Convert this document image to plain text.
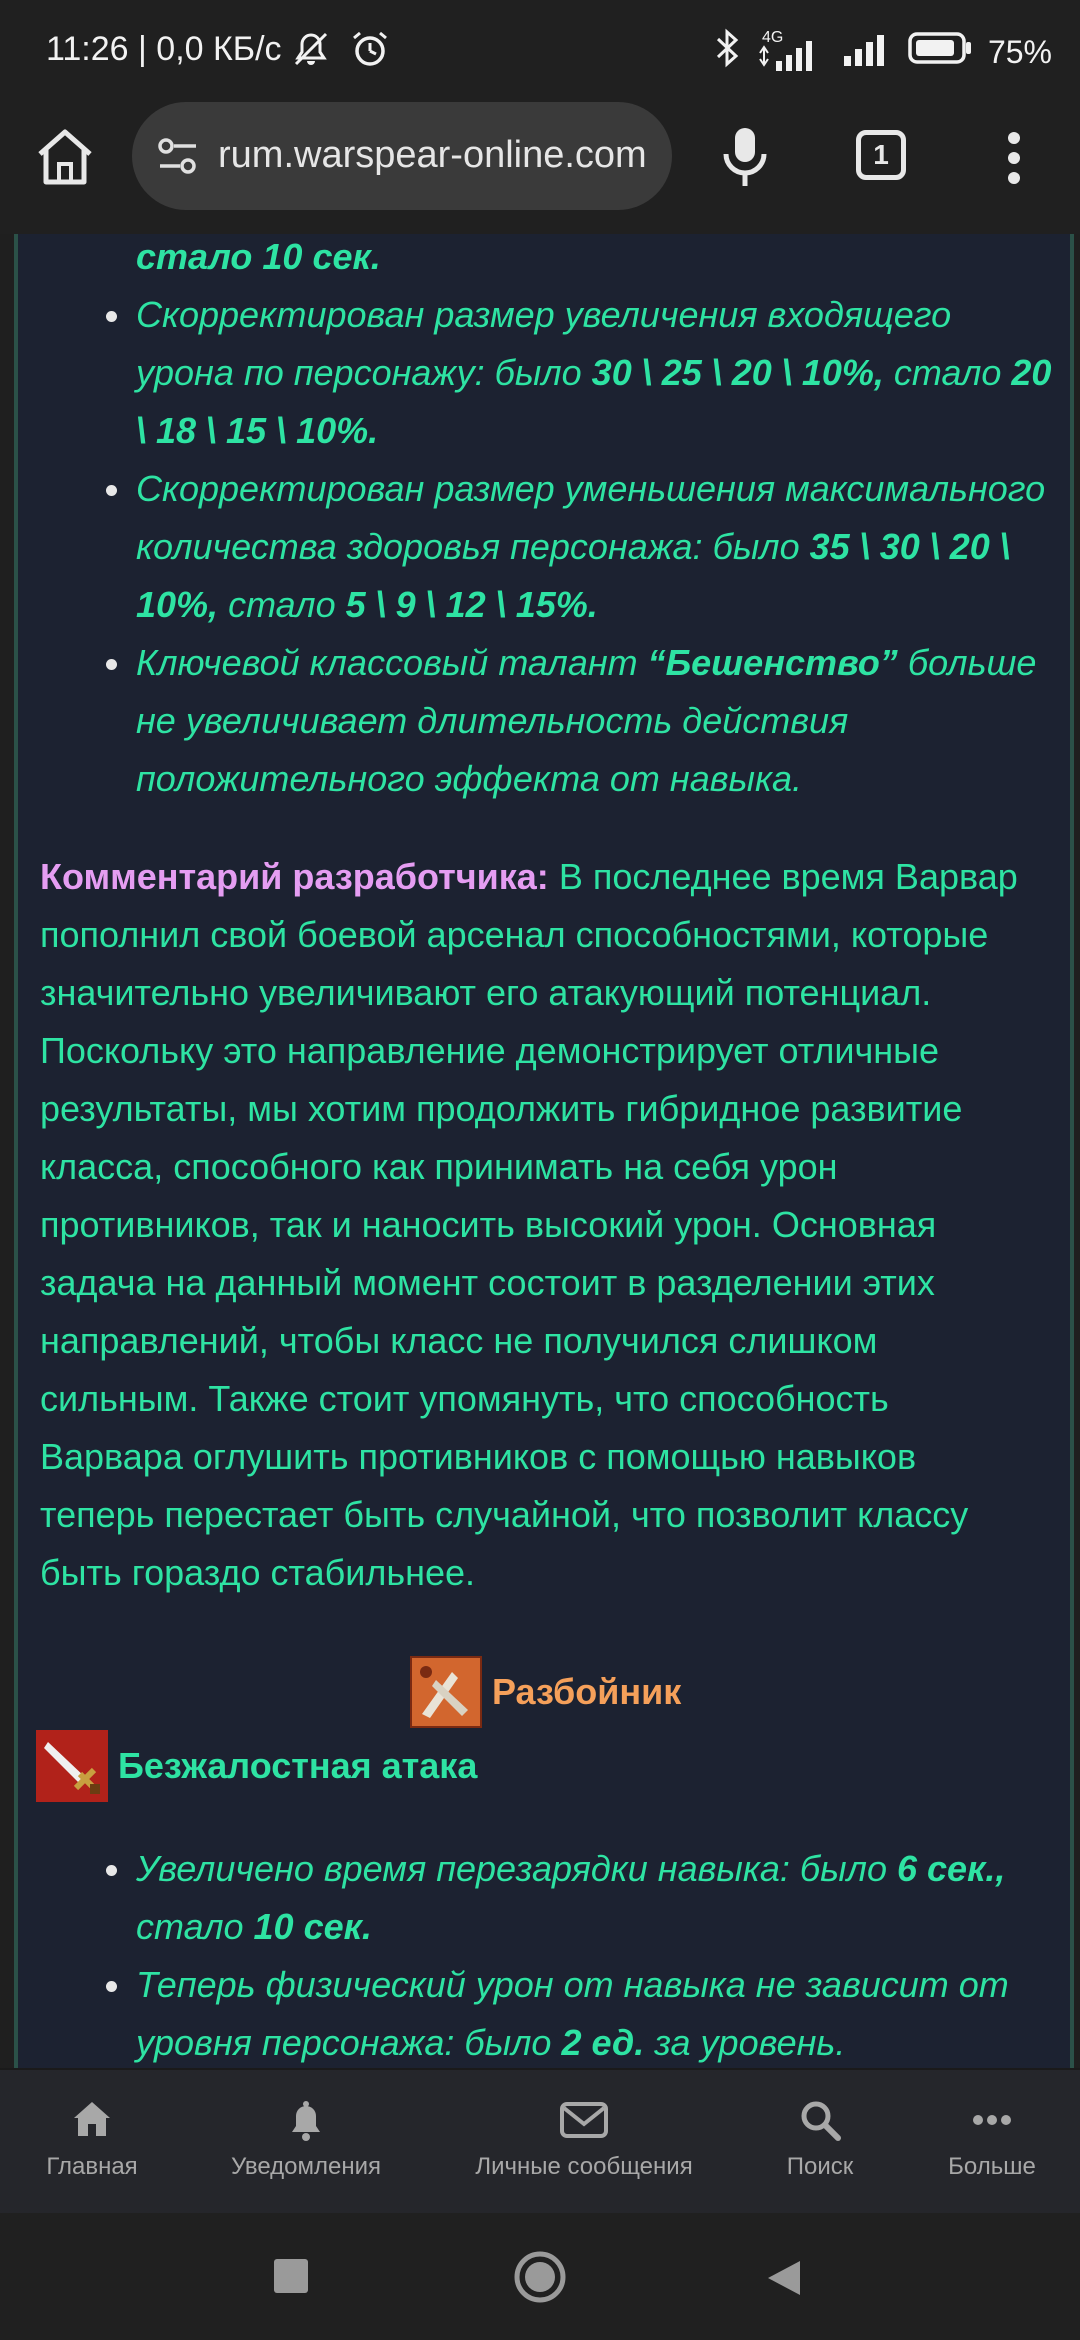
11:26 | 0,0 КБ/с	4G	75%
rum.warspear-online.com	1
стало 10 сек.
Скорректирован размер увеличения входящего урона по персонажу: было 30 \ 25 \ 20 \ 10%, стало 20 \ 18 \ 15 \ 10%.
Скорректирован размер уменьшения максимального количества здоровья персонажа: было 35 \ 30 \ 20 \ 10%, стало 5 \ 9 \ 12 \ 15%.
Ключевой классовый талант “Бешенство” больше не увеличивает длительность действия положительного эффекта от навыка.
Комментарий разработчика: В последнее время Варвар пополнил свой боевой арсенал способностями, которые значительно увеличивают его атакующий потенциал. Поскольку это направление демонстрирует отличные результаты, мы хотим продолжить гибридное развитие класса, способного как принимать на себя урон противников, так и наносить высокий урон. Основная задача на данный момент состоит в разделении этих направлений, чтобы класс не получился слишком сильным. Также стоит упомянуть, что способность Варвара оглушить противников с помощью навыков теперь перестает быть случайной, что позволит классу быть гораздо стабильнее.
Разбойник
Безжалостная атака
Увеличено время перезарядки навыка: было 6 сек., стало 10 сек.
Теперь физический урон от навыка не зависит от уровня персонажа: было 2 ед. за уровень.
Главная	Уведомления	Личные сообщения	Поиск	Больше
